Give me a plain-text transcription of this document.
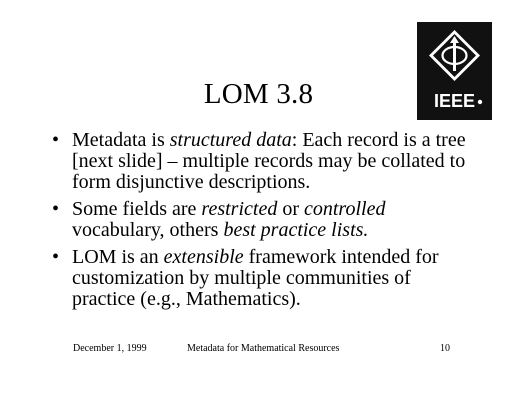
IEEE
LOM 3.8
• Metadata is structured data: Each record is a tree [next slide] – multiple records may be collated to form disjunctive descriptions.
• Some fields are restricted or controlled vocabulary, others best practice lists.
• LOM is an extensible framework intended for customization by multiple communities of practice (e.g., Mathematics).
December 1, 1999	Metadata for Mathematical Resources	10
